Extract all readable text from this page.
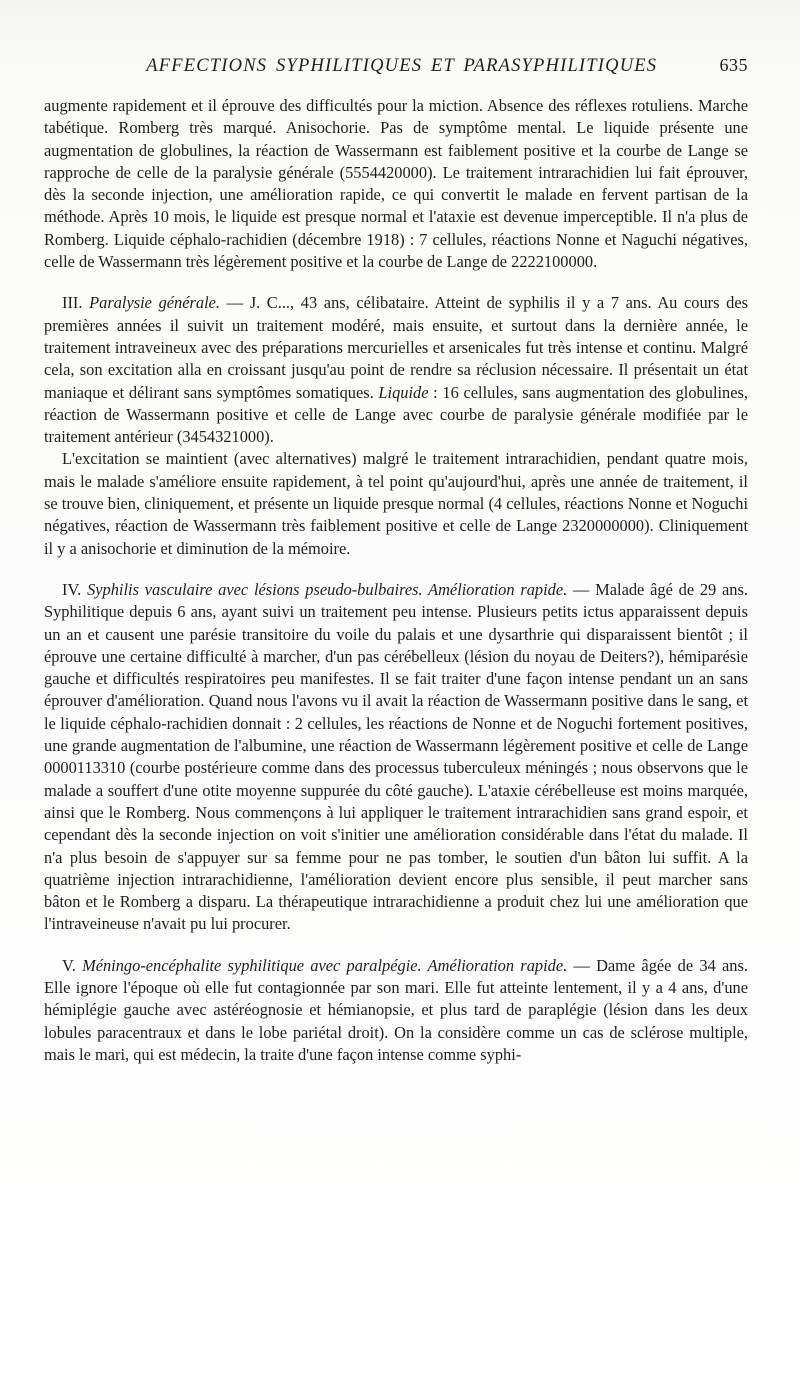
AFFECTIONS SYPHILITIQUES ET PARASYPHILITIQUES	635

augmente rapidement et il éprouve des difficultés pour la miction. Absence des réflexes rotuliens. Marche tabétique. Romberg très marqué. Anisochorie. Pas de symptôme mental. Le liquide présente une augmentation de globulines, la réaction de Wassermann est faiblement positive et la courbe de Lange se rapproche de celle de la paralysie générale (5554420000). Le traitement intrarachidien lui fait éprouver, dès la seconde injection, une amélioration rapide, ce qui convertit le malade en fervent partisan de la méthode. Après 10 mois, le liquide est presque normal et l'ataxie est devenue imperceptible. Il n'a plus de Romberg. Liquide céphalo-rachidien (décembre 1918) : 7 cellules, réactions Nonne et Naguchi négatives, celle de Wassermann très légèrement positive et la courbe de Lange de 2222100000.

III. Paralysie générale. — J. C..., 43 ans, célibataire. Atteint de syphilis il y a 7 ans. Au cours des premières années il suivit un traitement modéré, mais ensuite, et surtout dans la dernière année, le traitement intraveineux avec des préparations mercurielles et arsenicales fut très intense et continu. Malgré cela, son excitation alla en croissant jusqu'au point de rendre sa réclusion nécessaire. Il présentait un état maniaque et délirant sans symptômes somatiques. Liquide : 16 cellules, sans augmentation des globulines, réaction de Wassermann positive et celle de Lange avec courbe de paralysie générale modifiée par le traitement antérieur (3454321000).

L'excitation se maintient (avec alternatives) malgré le traitement intrarachidien, pendant quatre mois, mais le malade s'améliore ensuite rapidement, à tel point qu'aujourd'hui, après une année de traitement, il se trouve bien, cliniquement, et présente un liquide presque normal (4 cellules, réactions Nonne et Noguchi négatives, réaction de Wassermann très faiblement positive et celle de Lange 2320000000). Cliniquement il y a anisochorie et diminution de la mémoire.

IV. Syphilis vasculaire avec lésions pseudo-bulbaires. Amélioration rapide. — Malade âgé de 29 ans. Syphilitique depuis 6 ans, ayant suivi un traitement peu intense. Plusieurs petits ictus apparaissent depuis un an et causent une parésie transitoire du voile du palais et une dysarthrie qui disparaissent bientôt ; il éprouve une certaine difficulté à marcher, d'un pas cérébelleux (lésion du noyau de Deiters?), hémiparésie gauche et difficultés respiratoires peu manifestes. Il se fait traiter d'une façon intense pendant un an sans éprouver d'amélioration. Quand nous l'avons vu il avait la réaction de Wassermann positive dans le sang, et le liquide céphalo-rachidien donnait : 2 cellules, les réactions de Nonne et de Noguchi fortement positives, une grande augmentation de l'albumine, une réaction de Wassermann légèrement positive et celle de Lange 0000113310 (courbe postérieure comme dans des processus tuberculeux méningés ; nous observons que le malade a souffert d'une otite moyenne suppurée du côté gauche). L'ataxie cérébelleuse est moins marquée, ainsi que le Romberg. Nous commençons à lui appliquer le traitement intrarachidien sans grand espoir, et cependant dès la seconde injection on voit s'initier une amélioration considérable dans l'état du malade. Il n'a plus besoin de s'appuyer sur sa femme pour ne pas tomber, le soutien d'un bâton lui suffit. A la quatrième injection intrarachidienne, l'amélioration devient encore plus sensible, il peut marcher sans bâton et le Romberg a disparu. La thérapeutique intrarachidienne a produit chez lui une amélioration que l'intraveineuse n'avait pu lui procurer.

V. Méningo-encéphalite syphilitique avec paralpégie. Amélioration rapide. — Dame âgée de 34 ans. Elle ignore l'époque où elle fut contagionnée par son mari. Elle fut atteinte lentement, il y a 4 ans, d'une hémiplégie gauche avec astéréognosie et hémianopsie, et plus tard de paraplégie (lésion dans les deux lobules paracentraux et dans le lobe pariétal droit). On la considère comme un cas de sclérose multiple, mais le mari, qui est médecin, la traite d'une façon intense comme syphi-
